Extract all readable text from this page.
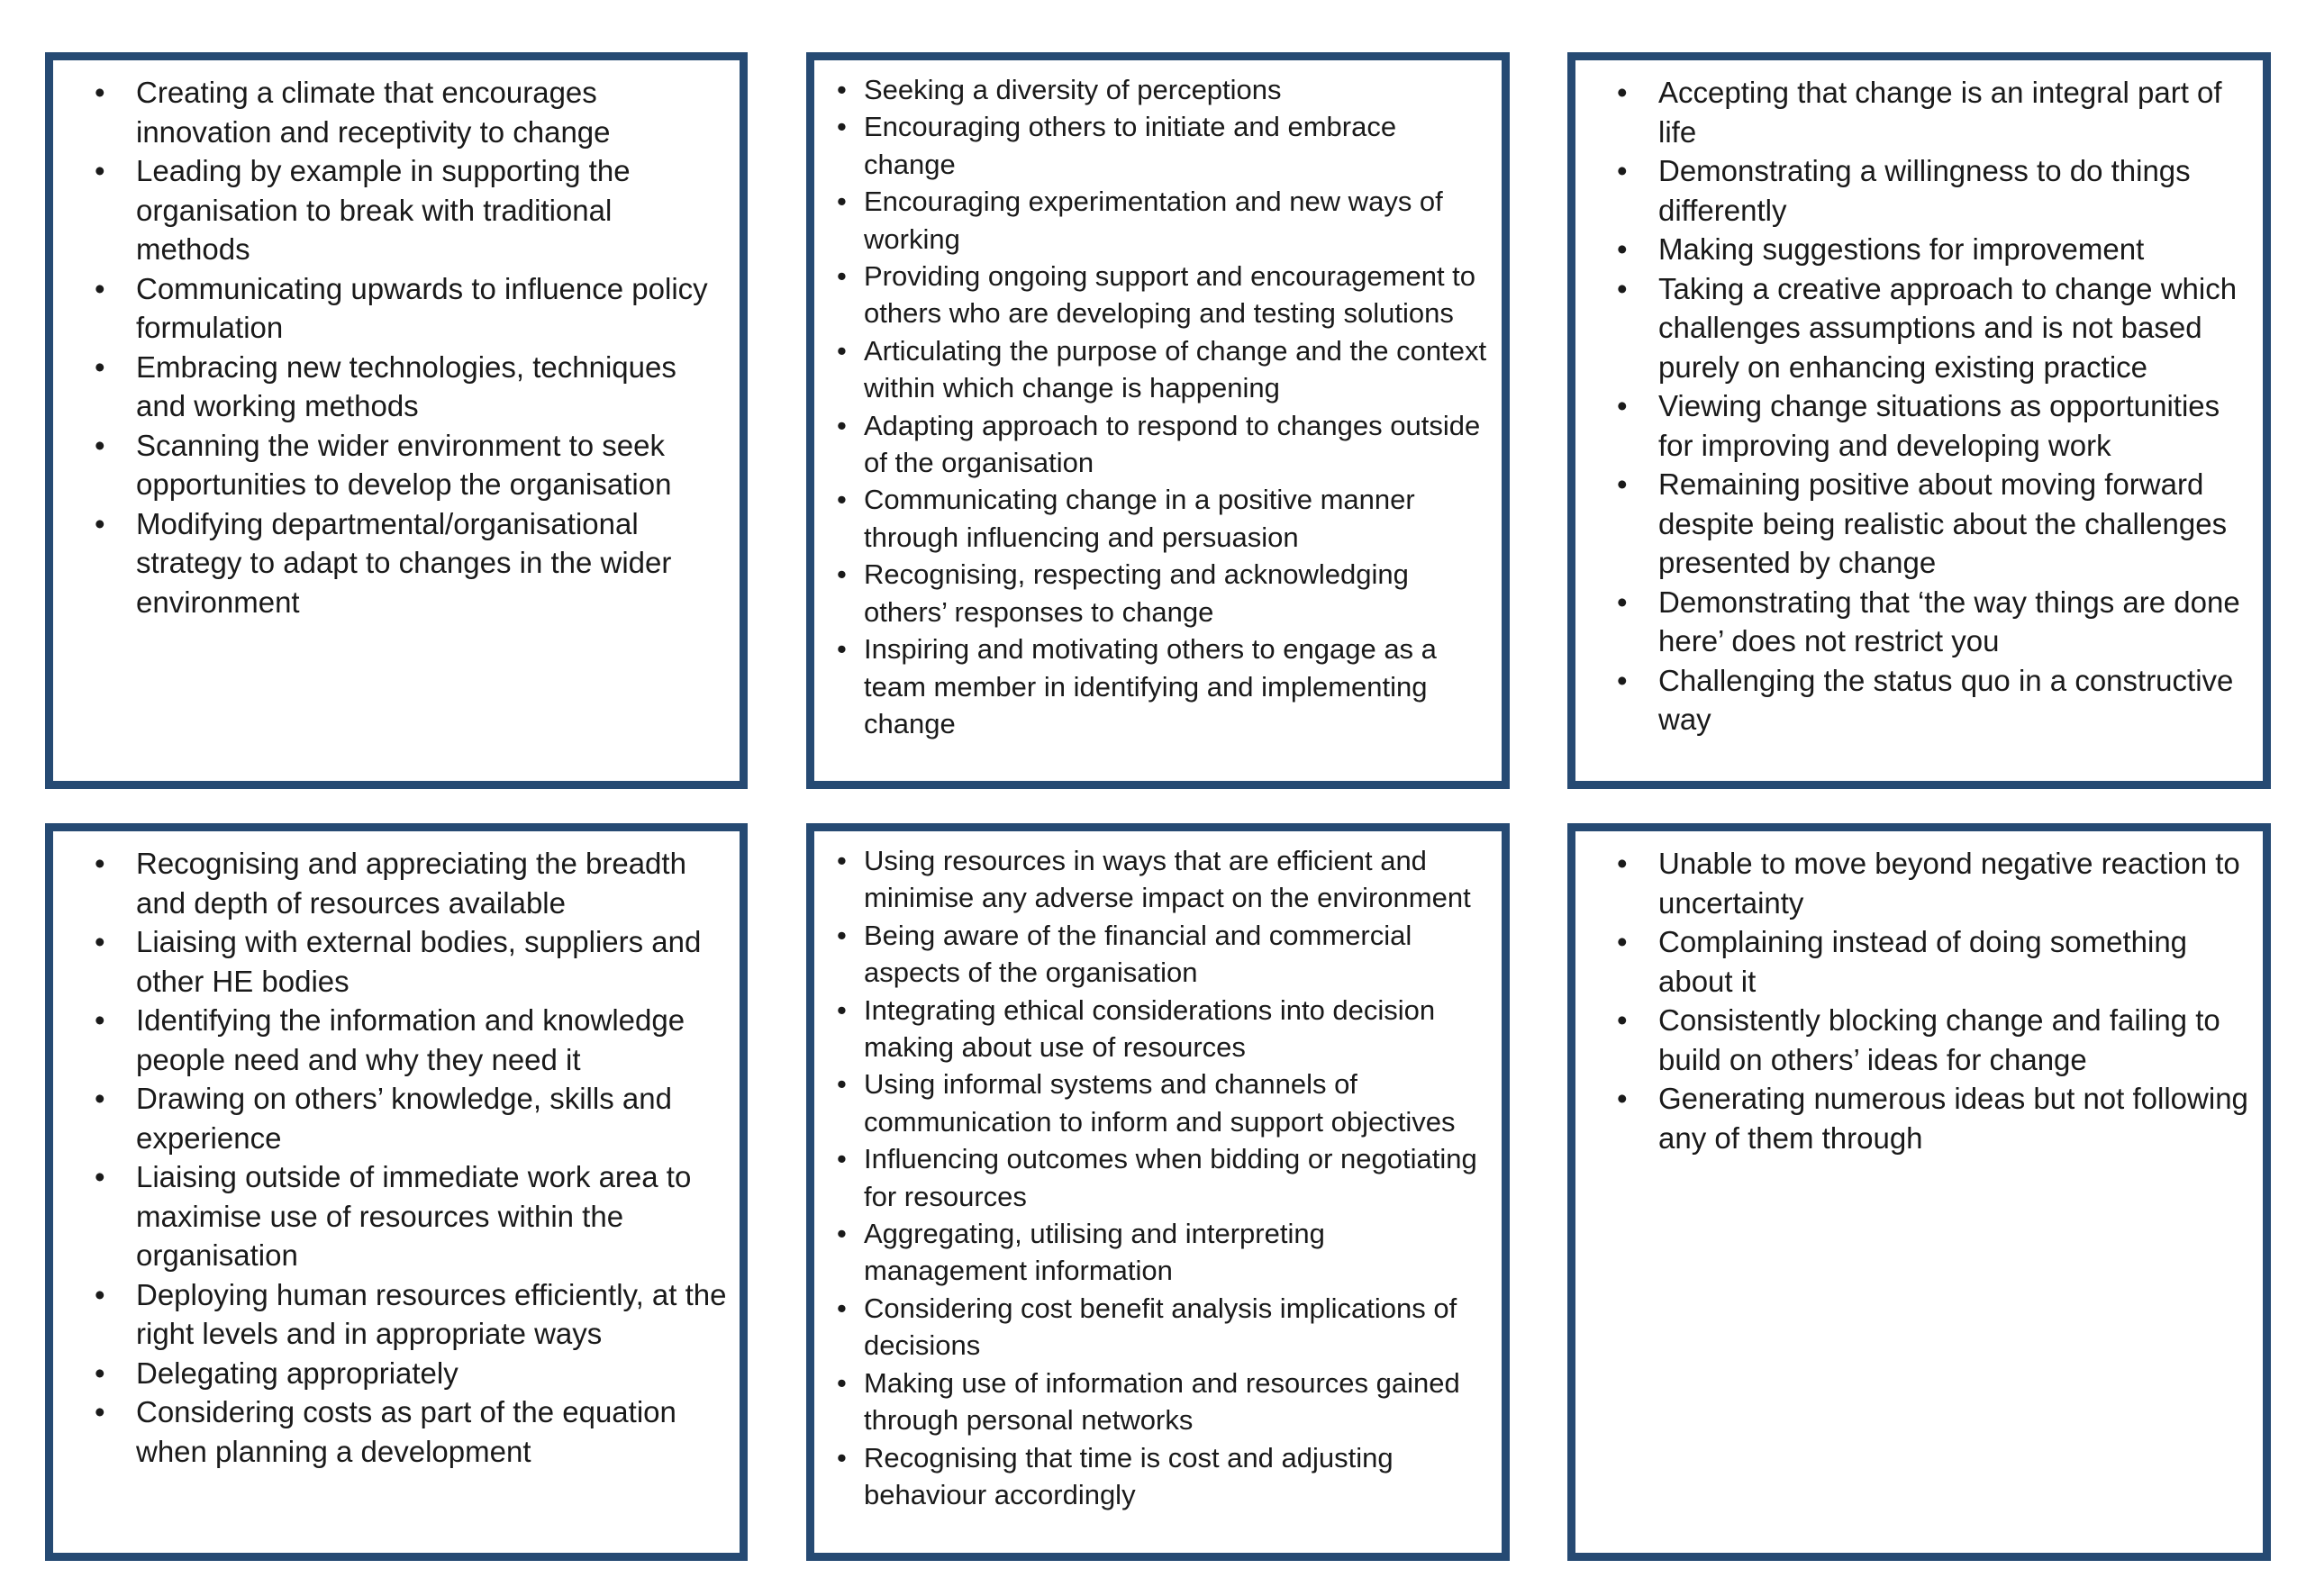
• Creating a climate that encourages innovation and receptivity to change
• Leading by example in supporting the organisation to break with traditional methods
• Communicating upwards to influence policy formulation
• Embracing new technologies, techniques and working methods
• Scanning the wider environment to seek opportunities to develop the organisation
• Modifying departmental/organisational strategy to adapt to changes in the wider environment
• Seeking a diversity of perceptions
• Encouraging others to initiate and embrace change
• Encouraging experimentation and new ways of working
• Providing ongoing support and encouragement to others who are developing and testing solutions
• Articulating the purpose of change and the context within which change is happening
• Adapting approach to respond to changes outside of the organisation
• Communicating change in a positive manner through influencing and persuasion
• Recognising, respecting and acknowledging others’ responses to change
• Inspiring and motivating others to engage as a team member in identifying and implementing change
• Accepting that change is an integral part of life
• Demonstrating a willingness to do things differently
• Making suggestions for improvement
• Taking a creative approach to change which challenges assumptions and is not based purely on enhancing existing practice
• Viewing change situations as opportunities for improving and developing work
• Remaining positive about moving forward despite being realistic about the challenges presented by change
• Demonstrating that ‘the way things are done here’ does not restrict you
• Challenging the status quo in a constructive way
• Recognising and appreciating the breadth and depth of resources available
• Liaising with external bodies, suppliers and other HE bodies
• Identifying the information and knowledge people need and why they need it
• Drawing on others’ knowledge, skills and experience
• Liaising outside of immediate work area to maximise use of resources within the organisation
• Deploying human resources efficiently, at the right levels and in appropriate ways
• Delegating appropriately
• Considering costs as part of the equation when planning a development
• Using resources in ways that are efficient and minimise any adverse impact on the environment
• Being aware of the financial and commercial aspects of the organisation
• Integrating ethical considerations into decision making about use of resources
• Using informal systems and channels of communication to inform and support objectives
• Influencing outcomes when bidding or negotiating for resources
• Aggregating, utilising and interpreting management information
• Considering cost benefit analysis implications of decisions
• Making use of information and resources gained through personal networks
• Recognising that time is cost and adjusting behaviour accordingly
• Unable to move beyond negative reaction to uncertainty
• Complaining instead of doing something about it
• Consistently blocking change and failing to build on others’ ideas for change
• Generating numerous ideas but not following any of them through
